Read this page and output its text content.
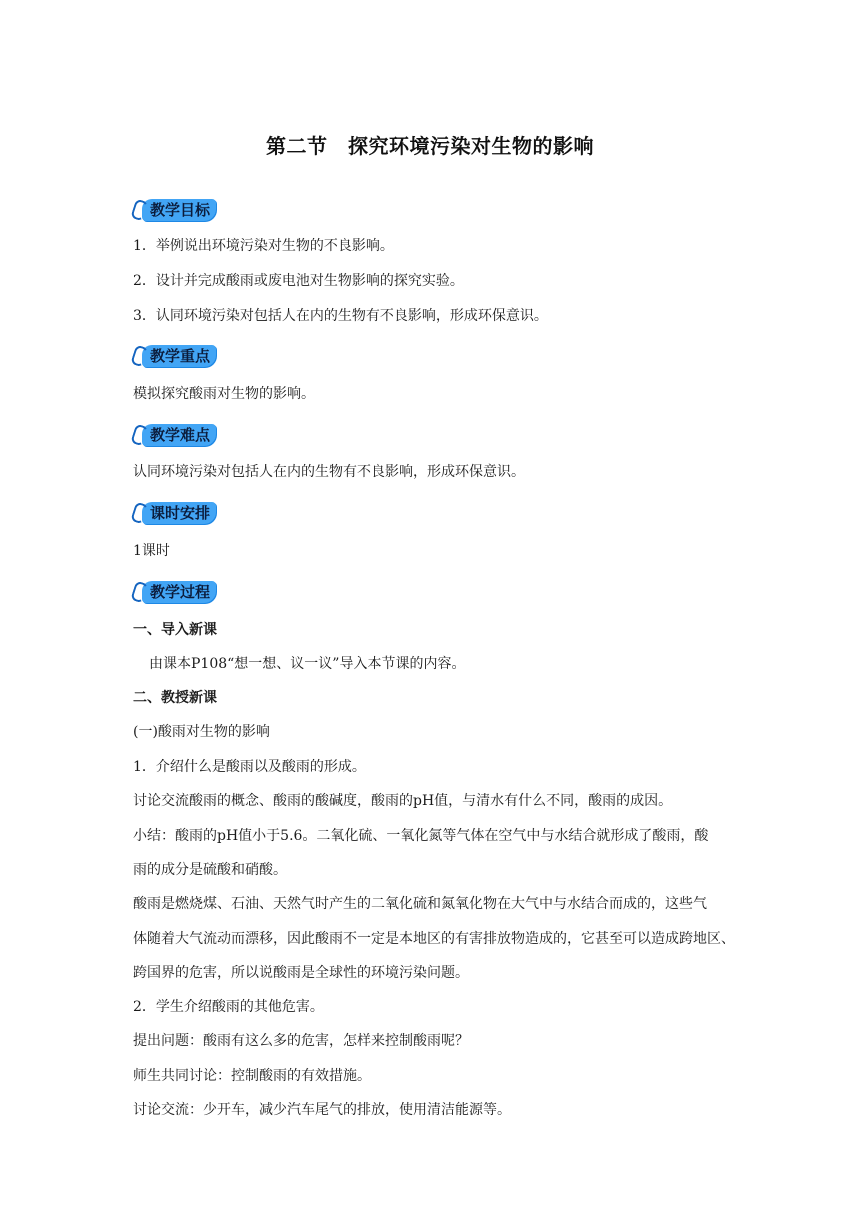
第二节　探究环境污染对生物的影响
教学目标
1．举例说出环境污染对生物的不良影响。
2．设计并完成酸雨或废电池对生物影响的探究实验。
3．认同环境污染对包括人在内的生物有不良影响，形成环保意识。
教学重点
模拟探究酸雨对生物的影响。
教学难点
认同环境污染对包括人在内的生物有不良影响，形成环保意识。
课时安排
1课时
教学过程
一、导入新课
由课本P108“想一想、议一议”导入本节课的内容。
二、教授新课
(一)酸雨对生物的影响
1．介绍什么是酸雨以及酸雨的形成。
讨论交流酸雨的概念、酸雨的酸碱度，酸雨的pH值，与清水有什么不同，酸雨的成因。
小结：酸雨的pH值小于5.6。二氧化硫、一氧化氮等气体在空气中与水结合就形成了酸雨，酸
雨的成分是硫酸和硝酸。
酸雨是燃烧煤、石油、天然气时产生的二氧化硫和氮氧化物在大气中与水结合而成的，这些气
体随着大气流动而漂移，因此酸雨不一定是本地区的有害排放物造成的，它甚至可以造成跨地区、
跨国界的危害，所以说酸雨是全球性的环境污染问题。
2．学生介绍酸雨的其他危害。
提出问题：酸雨有这么多的危害，怎样来控制酸雨呢？
师生共同讨论：控制酸雨的有效措施。
讨论交流：少开车，减少汽车尾气的排放，使用清洁能源等。
